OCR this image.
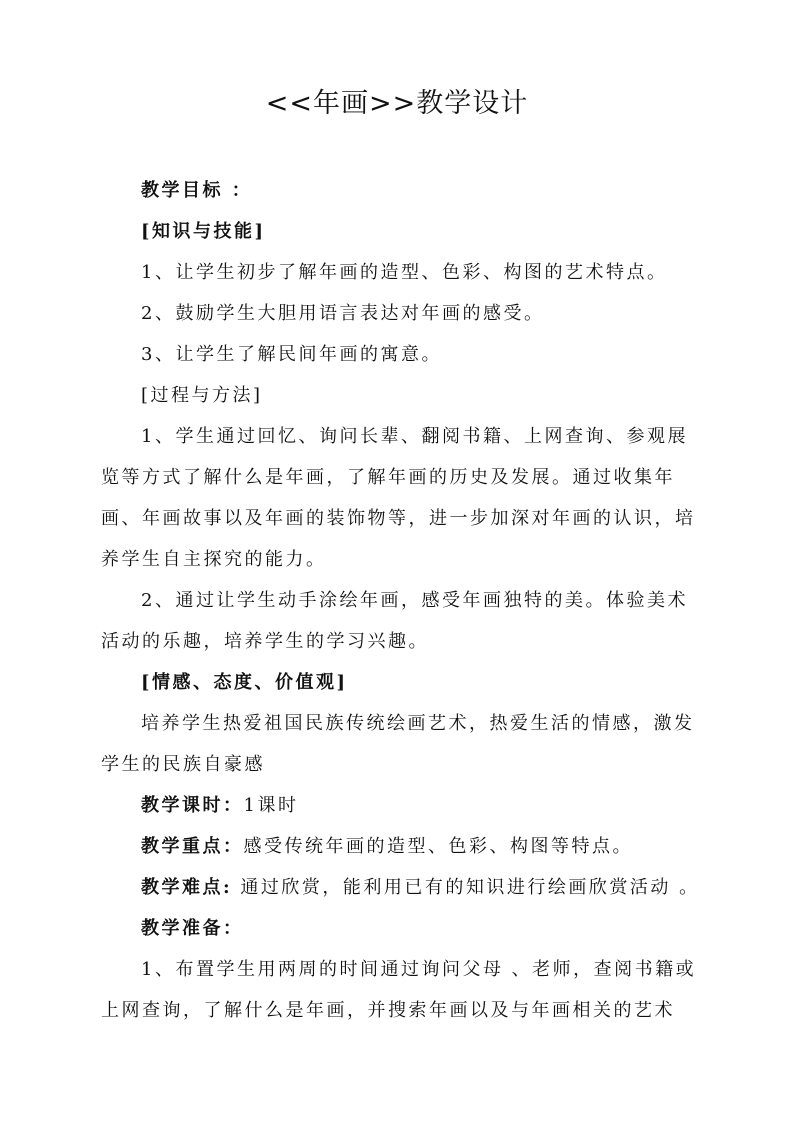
<<年画>>教学设计

教学目标 ：

[知识与技能]

1、让学生初步了解年画的造型、色彩、构图的艺术特点。

2、鼓励学生大胆用语言表达对年画的感受。

3、让学生了解民间年画的寓意。

[过程与方法]

1、学生通过回忆、询问长辈、翻阅书籍、上网查询、参观展览等方式了解什么是年画，了解年画的历史及发展。通过收集年画、年画故事以及年画的装饰物等，进一步加深对年画的认识，培养学生自主探究的能力。

2、通过让学生动手涂绘年画，感受年画独特的美。体验美术活动的乐趣，培养学生的学习兴趣。

[情感、态度、价值观]

培养学生热爱祖国民族传统绘画艺术，热爱生活的情感，激发学生的民族自豪感

教学课时：1课时

教学重点：感受传统年画的造型、色彩、构图等特点。

教学难点: 通过欣赏，能利用已有的知识进行绘画欣赏活动 。

教学准备：

1、布置学生用两周的时间通过询问父母 、老师，查阅书籍或上网查询，了解什么是年画，并搜索年画以及与年画相关的艺术
